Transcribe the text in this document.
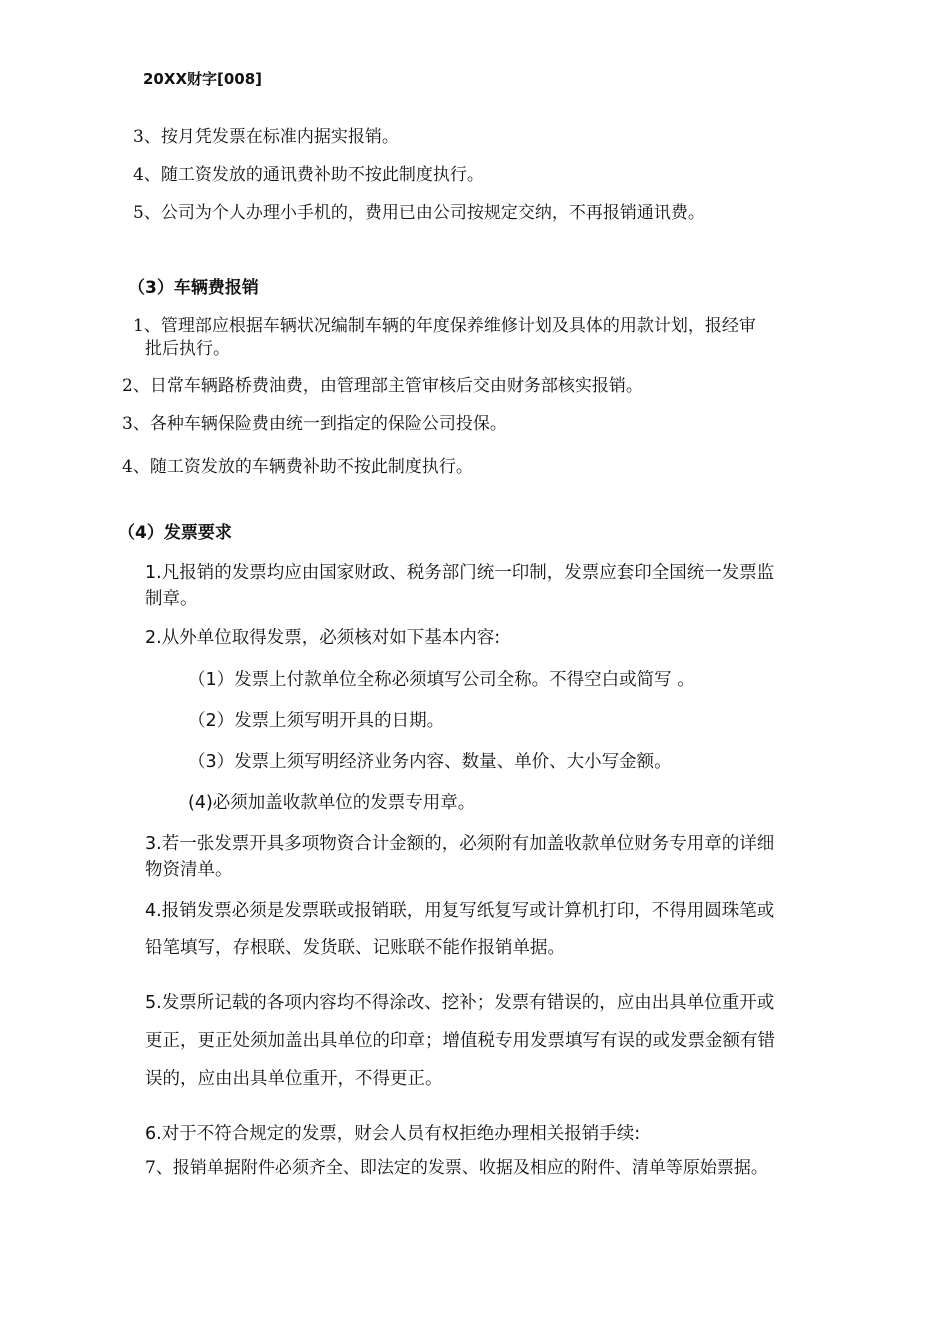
20XX财字[008]
3、按月凭发票在标准内据实报销。
4、随工资发放的通讯费补助不按此制度执行。
5、公司为个人办理小手机的，费用已由公司按规定交纳，不再报销通讯费。
（3）车辆费报销
1、管理部应根据车辆状况编制车辆的年度保养维修计划及具体的用款计划，报经审
批后执行。
2、日常车辆路桥费油费，由管理部主管审核后交由财务部核实报销。
3、各种车辆保险费由统一到指定的保险公司投保。
4、随工资发放的车辆费补助不按此制度执行。
（4）发票要求
1.凡报销的发票均应由国家财政、税务部门统一印制，发票应套印全国统一发票监
制章。
2.从外单位取得发票，必须核对如下基本内容:
（1）发票上付款单位全称必须填写公司全称。不得空白或简写 。
（2）发票上须写明开具的日期。
（3）发票上须写明经济业务内容、数量、单价、大小写金额。
(4)必须加盖收款单位的发票专用章。
3.若一张发票开具多项物资合计金额的，必须附有加盖收款单位财务专用章的详细
物资清单。
4.报销发票必须是发票联或报销联，用复写纸复写或计算机打印，不得用圆珠笔或
铅笔填写，存根联、发货联、记账联不能作报销单据。
5.发票所记载的各项内容均不得涂改、挖补；发票有错误的，应由出具单位重开或
更正，更正处须加盖出具单位的印章；增值税专用发票填写有误的或发票金额有错
误的，应由出具单位重开，不得更正。
6.对于不符合规定的发票，财会人员有权拒绝办理相关报销手续:
7、报销单据附件必须齐全、即法定的发票、收据及相应的附件、清单等原始票据。
